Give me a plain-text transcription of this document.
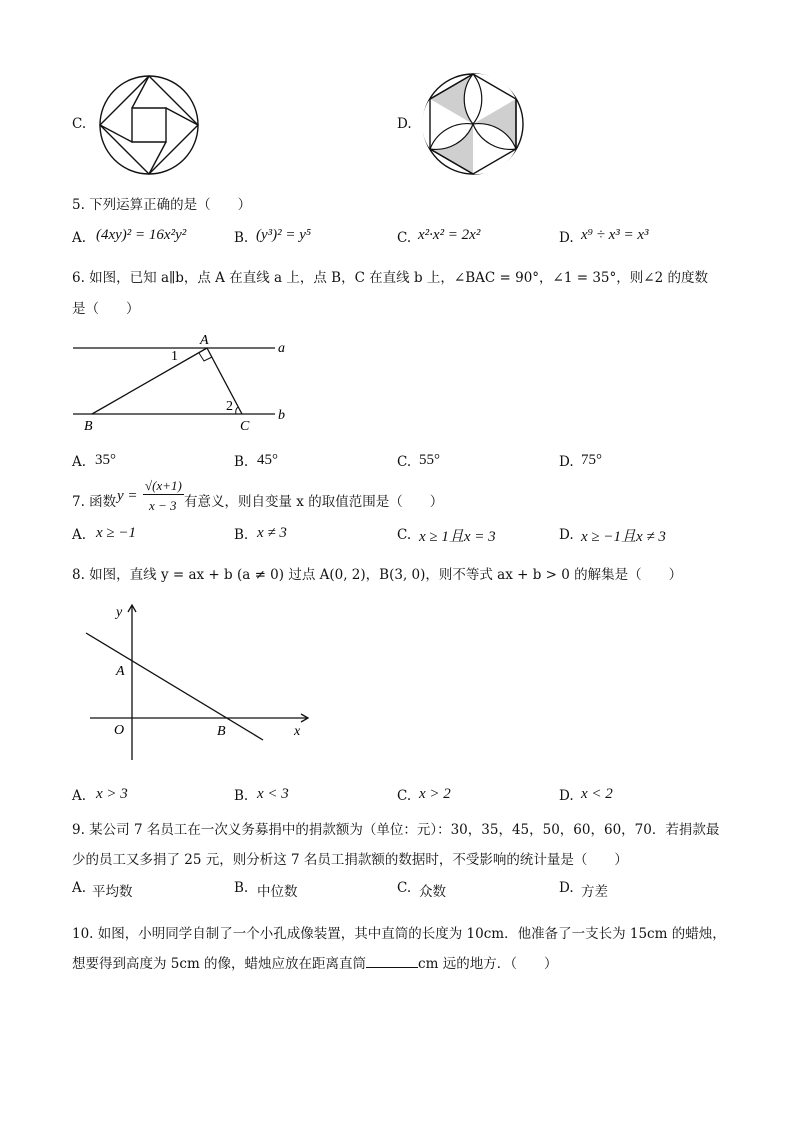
C.	D.
5. 下列运算正确的是（　　）
A. (4xy)² = 16x²y²	B. (y³)² = y⁵	C. x²·x² = 2x²	D. x⁹ ÷ x³ = x³
6. 如图，已知 a∥b，点 A 在直线 a 上，点 B，C 在直线 b 上，∠BAC = 90°，∠1 = 35°，则∠2 的度数
是（　　）
A
a
b
B	C
1
2
A. 35°	B. 45°	C. 55°	D. 75°
7. 函数 y =
√(x+1)
x − 3 有意义，则自变量 x 的取值范围是（　　）
A. x ≥ −1	B. x ≠ 3	C. x ≥ 1且x = 3	D. x ≥ −1且x ≠ 3
8. 如图，直线 y = ax + b (a ≠ 0) 过点 A(0, 2)，B(3, 0)，则不等式 ax + b > 0 的解集是（　　）
y
x
O
A
B
A. x > 3	B. x < 3	C. x > 2	D. x < 2
9. 某公司 7 名员工在一次义务募捐中的捐款额为（单位：元）：30，35，45，50，60，60，70．若捐款最
少的员工又多捐了 25 元，则分析这 7 名员工捐款额的数据时，不受影响的统计量是（　　）
A. 平均数	B. 中位数	C. 众数	D. 方差
10. 如图，小明同学自制了一个小孔成像装置，其中直筒的长度为 10cm．他准备了一支长为 15cm 的蜡烛，
想要得到高度为 5cm 的像，蜡烛应放在距离直筒	cm 远的地方．（　　）
